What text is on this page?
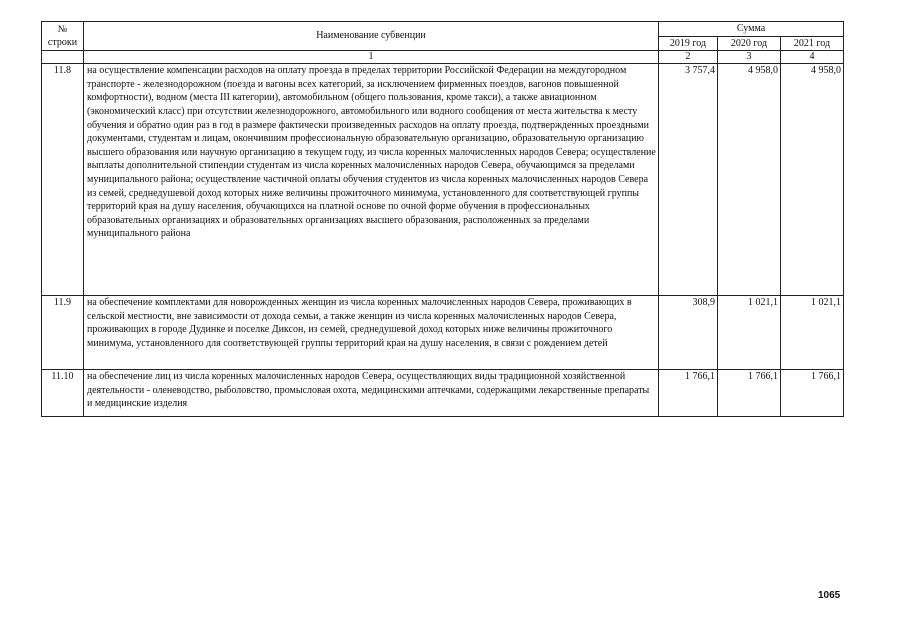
№
строки	Наименование субвенции	Сумма		
		2019 год	2020 год	2021 год
	1	2	3	4
11.8	на осуществление компенсации расходов на оплату проезда в пределах территории Российской Федерации на междугородном транспорте - железнодорожном (поезда и вагоны всех категорий, за исключением фирменных поездов, вагонов повышенной комфортности), водном (места III категории), автомобильном (общего пользования, кроме такси), а также авиационном (экономический класс) при отсутствии железнодорожного, автомобильного или водного сообщения от места жительства к месту обучения и обратно один раз в год в размере фактически произведенных расходов на оплату проезда, подтвержденных проездными документами, студентам и лицам, окончившим профессиональную образовательную организацию, образовательную организацию высшего образования или научную организацию в текущем году, из числа коренных малочисленных народов Севера; осуществление выплаты дополнительной стипендии студентам из числа коренных малочисленных народов Севера, обучающимся за пределами муниципального района; осуществление частичной оплаты обучения студентов из числа коренных малочисленных народов Севера из семей, среднедушевой доход которых ниже величины прожиточного минимума, установленного для соответствующей группы территорий края на душу населения, обучающихся на платной основе по очной форме обучения в профессиональных образовательных организациях и образовательных организациях высшего образования, расположенных за пределами муниципального района	3 757,4	4 958,0	4 958,0
11.9	на обеспечение комплектами для новорожденных женщин из числа коренных малочисленных народов Севера, проживающих в сельской местности, вне зависимости от дохода семьи, а также женщин из числа коренных малочисленных народов Севера, проживающих в городе Дудинке и поселке Диксон, из семей, среднедушевой доход которых ниже величины прожиточного минимума, установленного для соответствующей группы территорий края на душу населения, в связи с рождением детей	308,9	1 021,1	1 021,1
11.10	на обеспечение лиц из числа коренных малочисленных народов Севера, осуществляющих виды традиционной хозяйственной деятельности - оленеводство, рыболовство, промысловая охота, медицинскими аптечками, содержащими лекарственные препараты и медицинские изделия	1 766,1	1 766,1	1 766,1
1065
